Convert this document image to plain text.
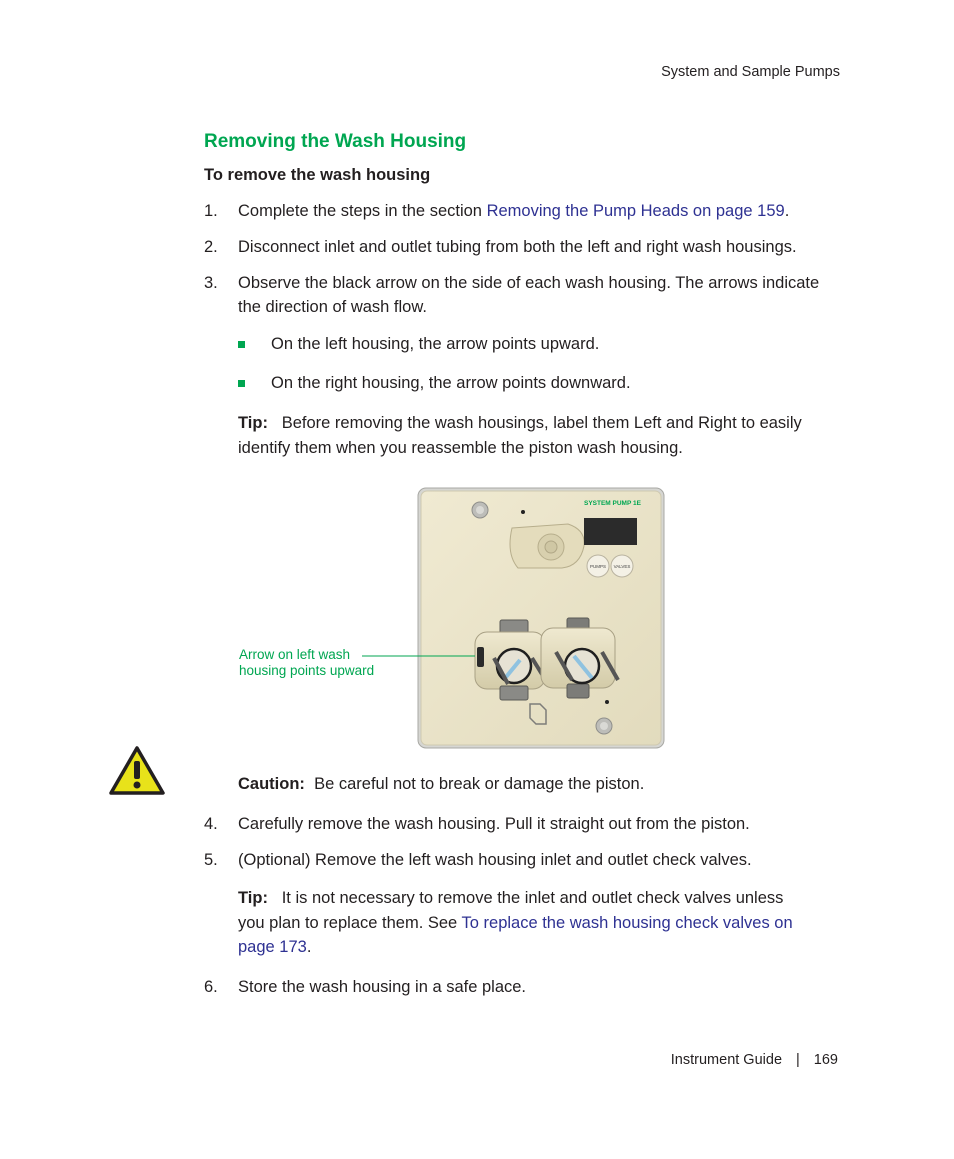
System and Sample Pumps
Removing the Wash Housing
To remove the wash housing
1. Complete the steps in the section Removing the Pump Heads on page 159.
2. Disconnect inlet and outlet tubing from both the left and right wash housings.
3. Observe the black arrow on the side of each wash housing. The arrows indicate the direction of wash flow.
On the left housing, the arrow points upward.
On the right housing, the arrow points downward.
Tip: Before removing the wash housings, label them Left and Right to easily identify them when you reassemble the piston wash housing.
SYSTEM PUMP 1E
PUMPS VALVES
Arrow on left wash
housing points upward
Caution: Be careful not to break or damage the piston.
4. Carefully remove the wash housing. Pull it straight out from the piston.
5. (Optional) Remove the left wash housing inlet and outlet check valves.
Tip: It is not necessary to remove the inlet and outlet check valves unless you plan to replace them. See To replace the wash housing check valves on page 173.
6. Store the wash housing in a safe place.
Instrument Guide | 169
